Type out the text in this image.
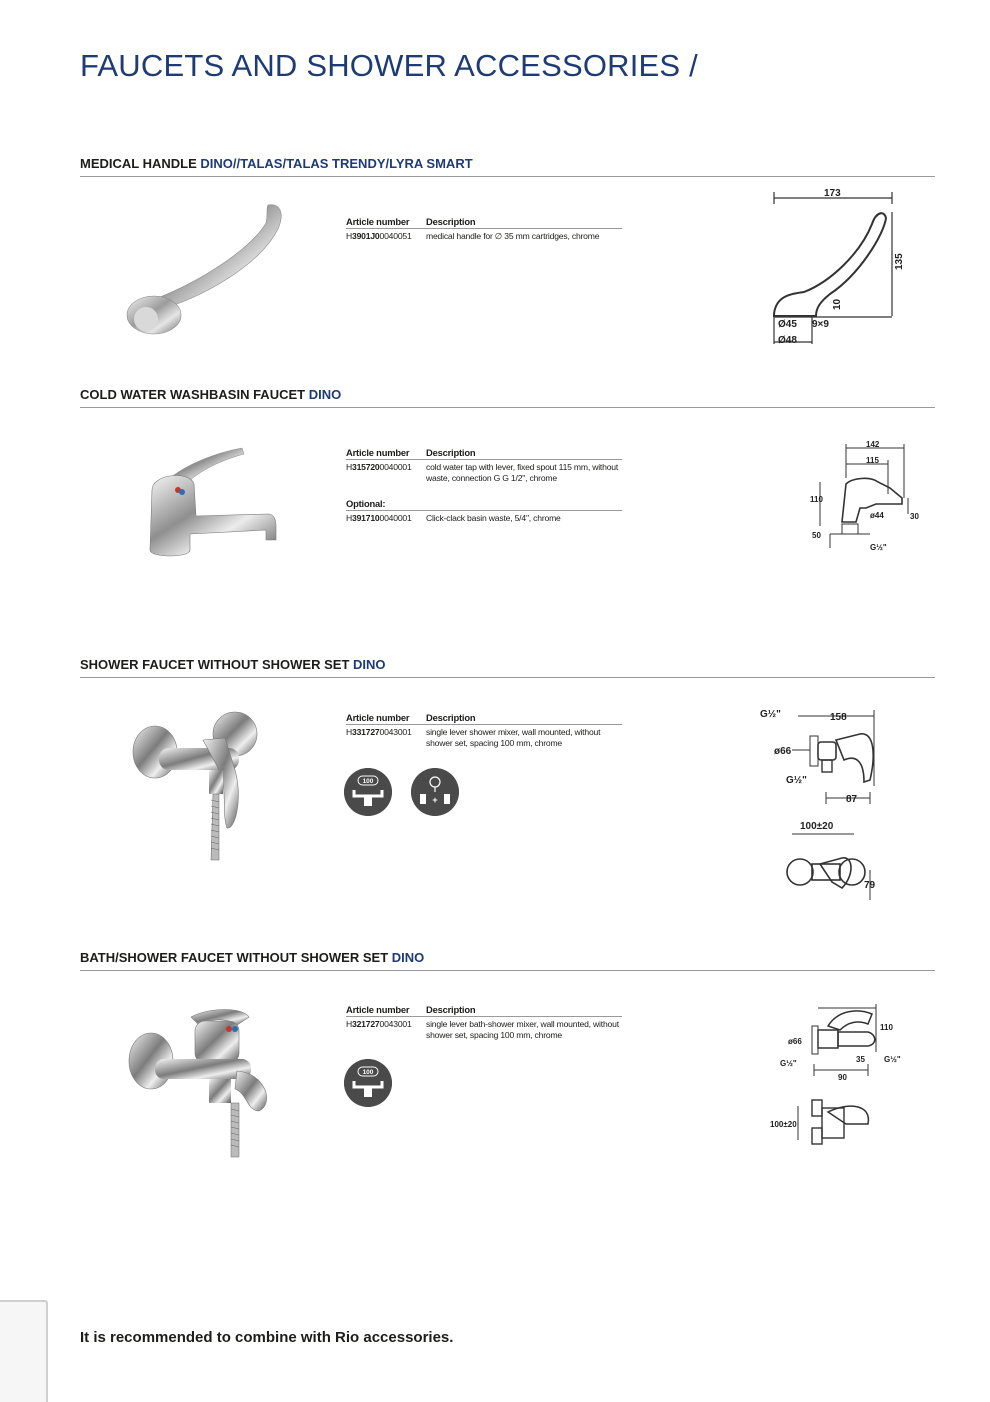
FAUCETS AND SHOWER ACCESSORIES /
MEDICAL HANDLE DINO//TALAS/TALAS TRENDY/LYRA SMART
Article number	Description
H3901J00040051	medical handle for ∅ 35 mm cartridges, chrome
173
135
10
Ø45 9×9
Ø48
COLD WATER WASHBASIN FAUCET DINO
Article number	Description
H3157200040001	cold water tap with lever, fixed spout 115 mm, without waste, connection G G 1/2", chrome
Optional:
H3917100040001	Click-clack basin waste, 5/4", chrome
142
115
110
ø44	30
50
G½"
SHOWER FAUCET WITHOUT SHOWER SET DINO
Article number	Description
H3317270043001	single lever shower mixer, wall mounted, without shower set, spacing 100 mm, chrome
100
+
G½"	158
ø66
G½"
87
100±20
79
BATH/SHOWER FAUCET WITHOUT SHOWER SET DINO
Article number	Description
H3217270043001	single lever bath-shower mixer, wall mounted, without shower set, spacing 100 mm, chrome
100
110
ø66
35 G½"
G½"
90
100±20
It is recommended to combine with Rio accessories.
